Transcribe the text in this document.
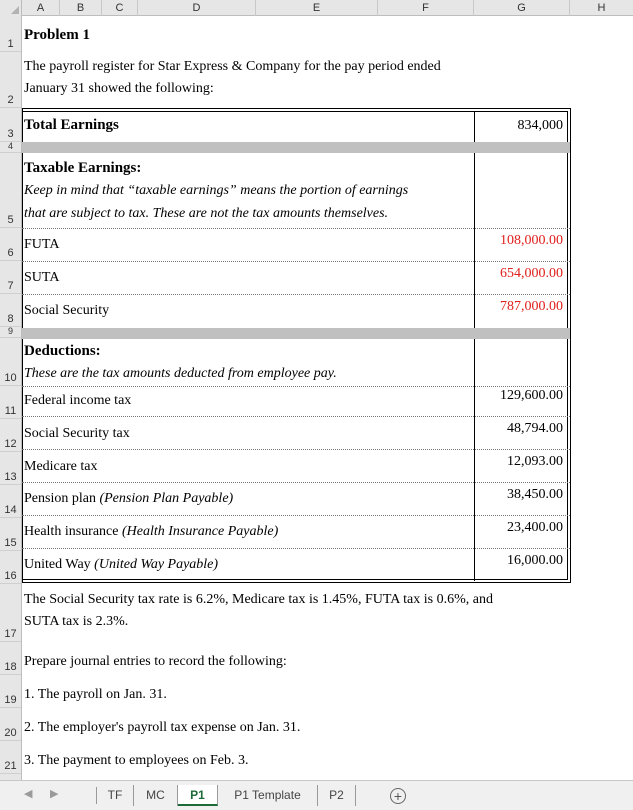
A	B	C	D	E	F	G	H
1
2
3
4
5
6
7
8
9
10
11
12
13
14
15
16
17
18
19
20
21
Problem 1
The payroll register for Star Express & Company for the pay period ended
January 31 showed the following:
Total Earnings	834,000
Taxable Earnings:
Keep in mind that “taxable earnings” means the portion of earnings
that are subject to tax. These are not the tax amounts themselves.
FUTA	108,000.00
SUTA	654,000.00
Social Security	787,000.00
Deductions:
These are the tax amounts deducted from employee pay.
Federal income tax	129,600.00
Social Security tax	48,794.00
Medicare tax	12,093.00
Pension plan (Pension Plan Payable)	38,450.00
Health insurance (Health Insurance Payable)	23,400.00
United Way (United Way Payable)	16,000.00
The Social Security tax rate is 6.2%, Medicare tax is 1.45%, FUTA tax is 0.6%, and
SUTA tax is 2.3%.
Prepare journal entries to record the following:
1. The payroll on Jan. 31.
2. The employer's payroll tax expense on Jan. 31.
3. The payment to employees on Feb. 3.
◀ ▶	TF	MC	P1	P1 Template	P2	+
